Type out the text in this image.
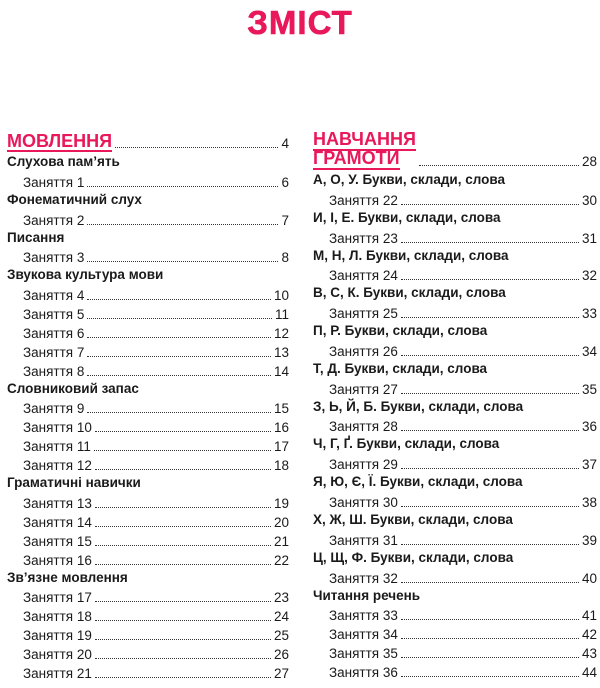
ЗМІСТ
МОВЛЕННЯ	4
Слухова пам’ять
Заняття 1	6
Фонематичний слух
Заняття 2	7
Писання
Заняття 3	8
Звукова культура мови
Заняття 4	10
Заняття 5	11
Заняття 6	12
Заняття 7	13
Заняття 8	14
Словниковий запас
Заняття 9	15
Заняття 10	16
Заняття 11	17
Заняття 12	18
Граматичні навички
Заняття 13	19
Заняття 14	20
Заняття 15	21
Заняття 16	22
Зв’язне мовлення
Заняття 17	23
Заняття 18	24
Заняття 19	25
Заняття 20	26
Заняття 21	27
НАВЧАННЯ
ГРАМОТИ	28
А, О, У. Букви, склади, слова
Заняття 22	30
И, І, Е. Букви, склади, слова
Заняття 23	31
М, Н, Л. Букви, склади, слова
Заняття 24	32
В, С, К. Букви, склади, слова
Заняття 25	33
П, Р. Букви, склади, слова
Заняття 26	34
Т, Д. Букви, склади, слова
Заняття 27	35
З, Ь, Й, Б. Букви, склади, слова
Заняття 28	36
Ч, Г, Ґ. Букви, склади, слова
Заняття 29	37
Я, Ю, Є, Ї. Букви, склади, слова
Заняття 30	38
Х, Ж, Ш. Букви, склади, слова
Заняття 31	39
Ц, Щ, Ф. Букви, склади, слова
Заняття 32	40
Читання речень
Заняття 33	41
Заняття 34	42
Заняття 35	43
Заняття 36	44
